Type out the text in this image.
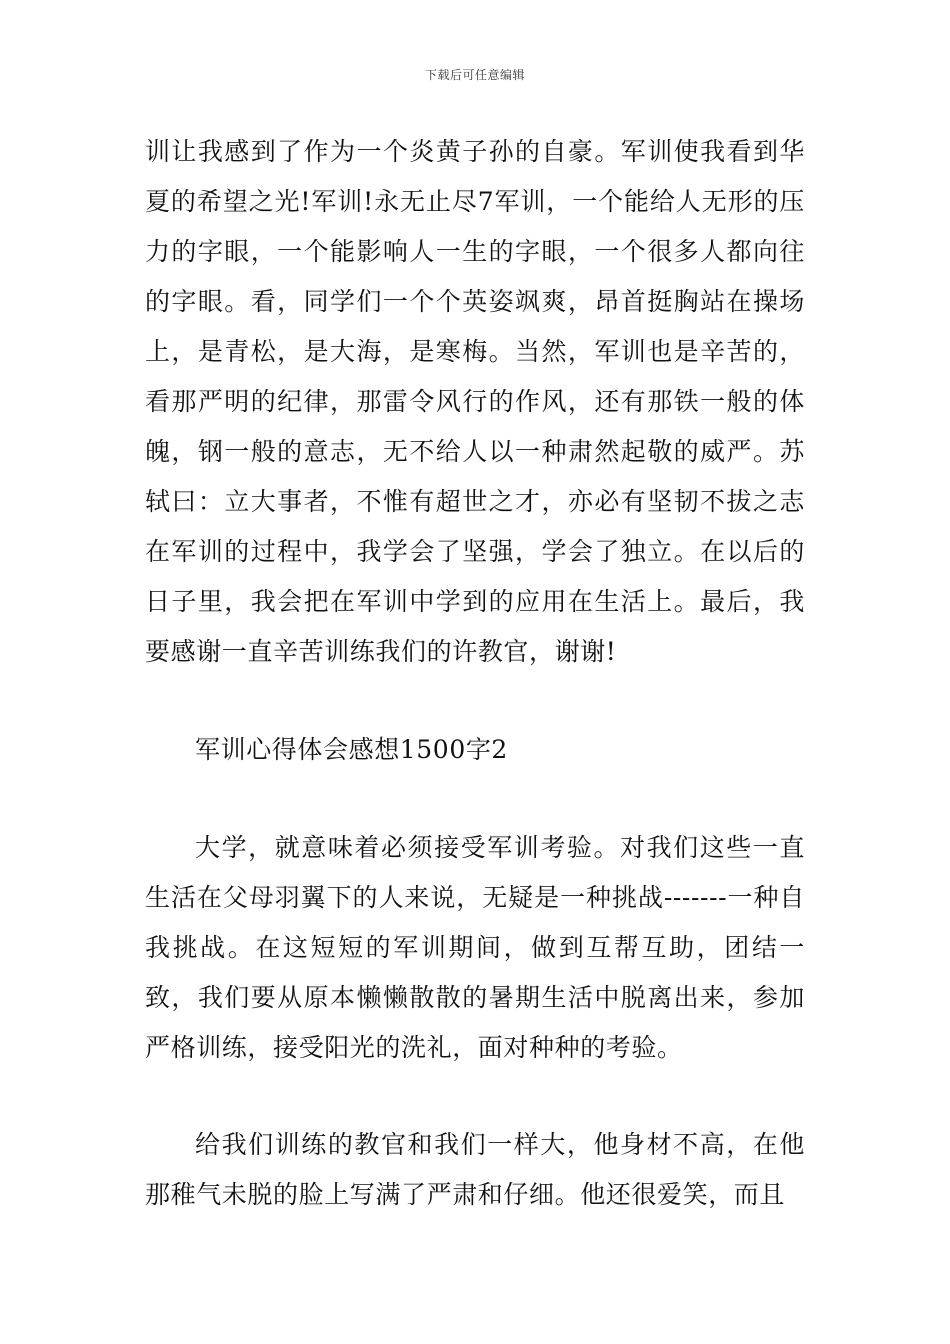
下载后可任意编辑

训让我感到了作为一个炎黄子孙的自豪。军训使我看到华夏的希望之光!军训!永无止尽7军训，一个能给人无形的压力的字眼，一个能影响人一生的字眼，一个很多人都向往的字眼。看，同学们一个个英姿飒爽，昂首挺胸站在操场上，是青松，是大海，是寒梅。当然，军训也是辛苦的，看那严明的纪律，那雷令风行的作风，还有那铁一般的体魄，钢一般的意志，无不给人以一种肃然起敬的威严。苏轼曰：立大事者，不惟有超世之才，亦必有坚韧不拔之志在军训的过程中，我学会了坚强，学会了独立。在以后的日子里，我会把在军训中学到的应用在生活上。最后，我要感谢一直辛苦训练我们的许教官，谢谢!

军训心得体会感想1500字2

大学，就意味着必须接受军训考验。对我们这些一直生活在父母羽翼下的人来说，无疑是一种挑战-------一种自我挑战。在这短短的军训期间，做到互帮互助，团结一致，我们要从原本懒懒散散的暑期生活中脱离出来，参加严格训练，接受阳光的洗礼，面对种种的考验。

给我们训练的教官和我们一样大，他身材不高，在他那稚气未脱的脸上写满了严肃和仔细。他还很爱笑，而且
